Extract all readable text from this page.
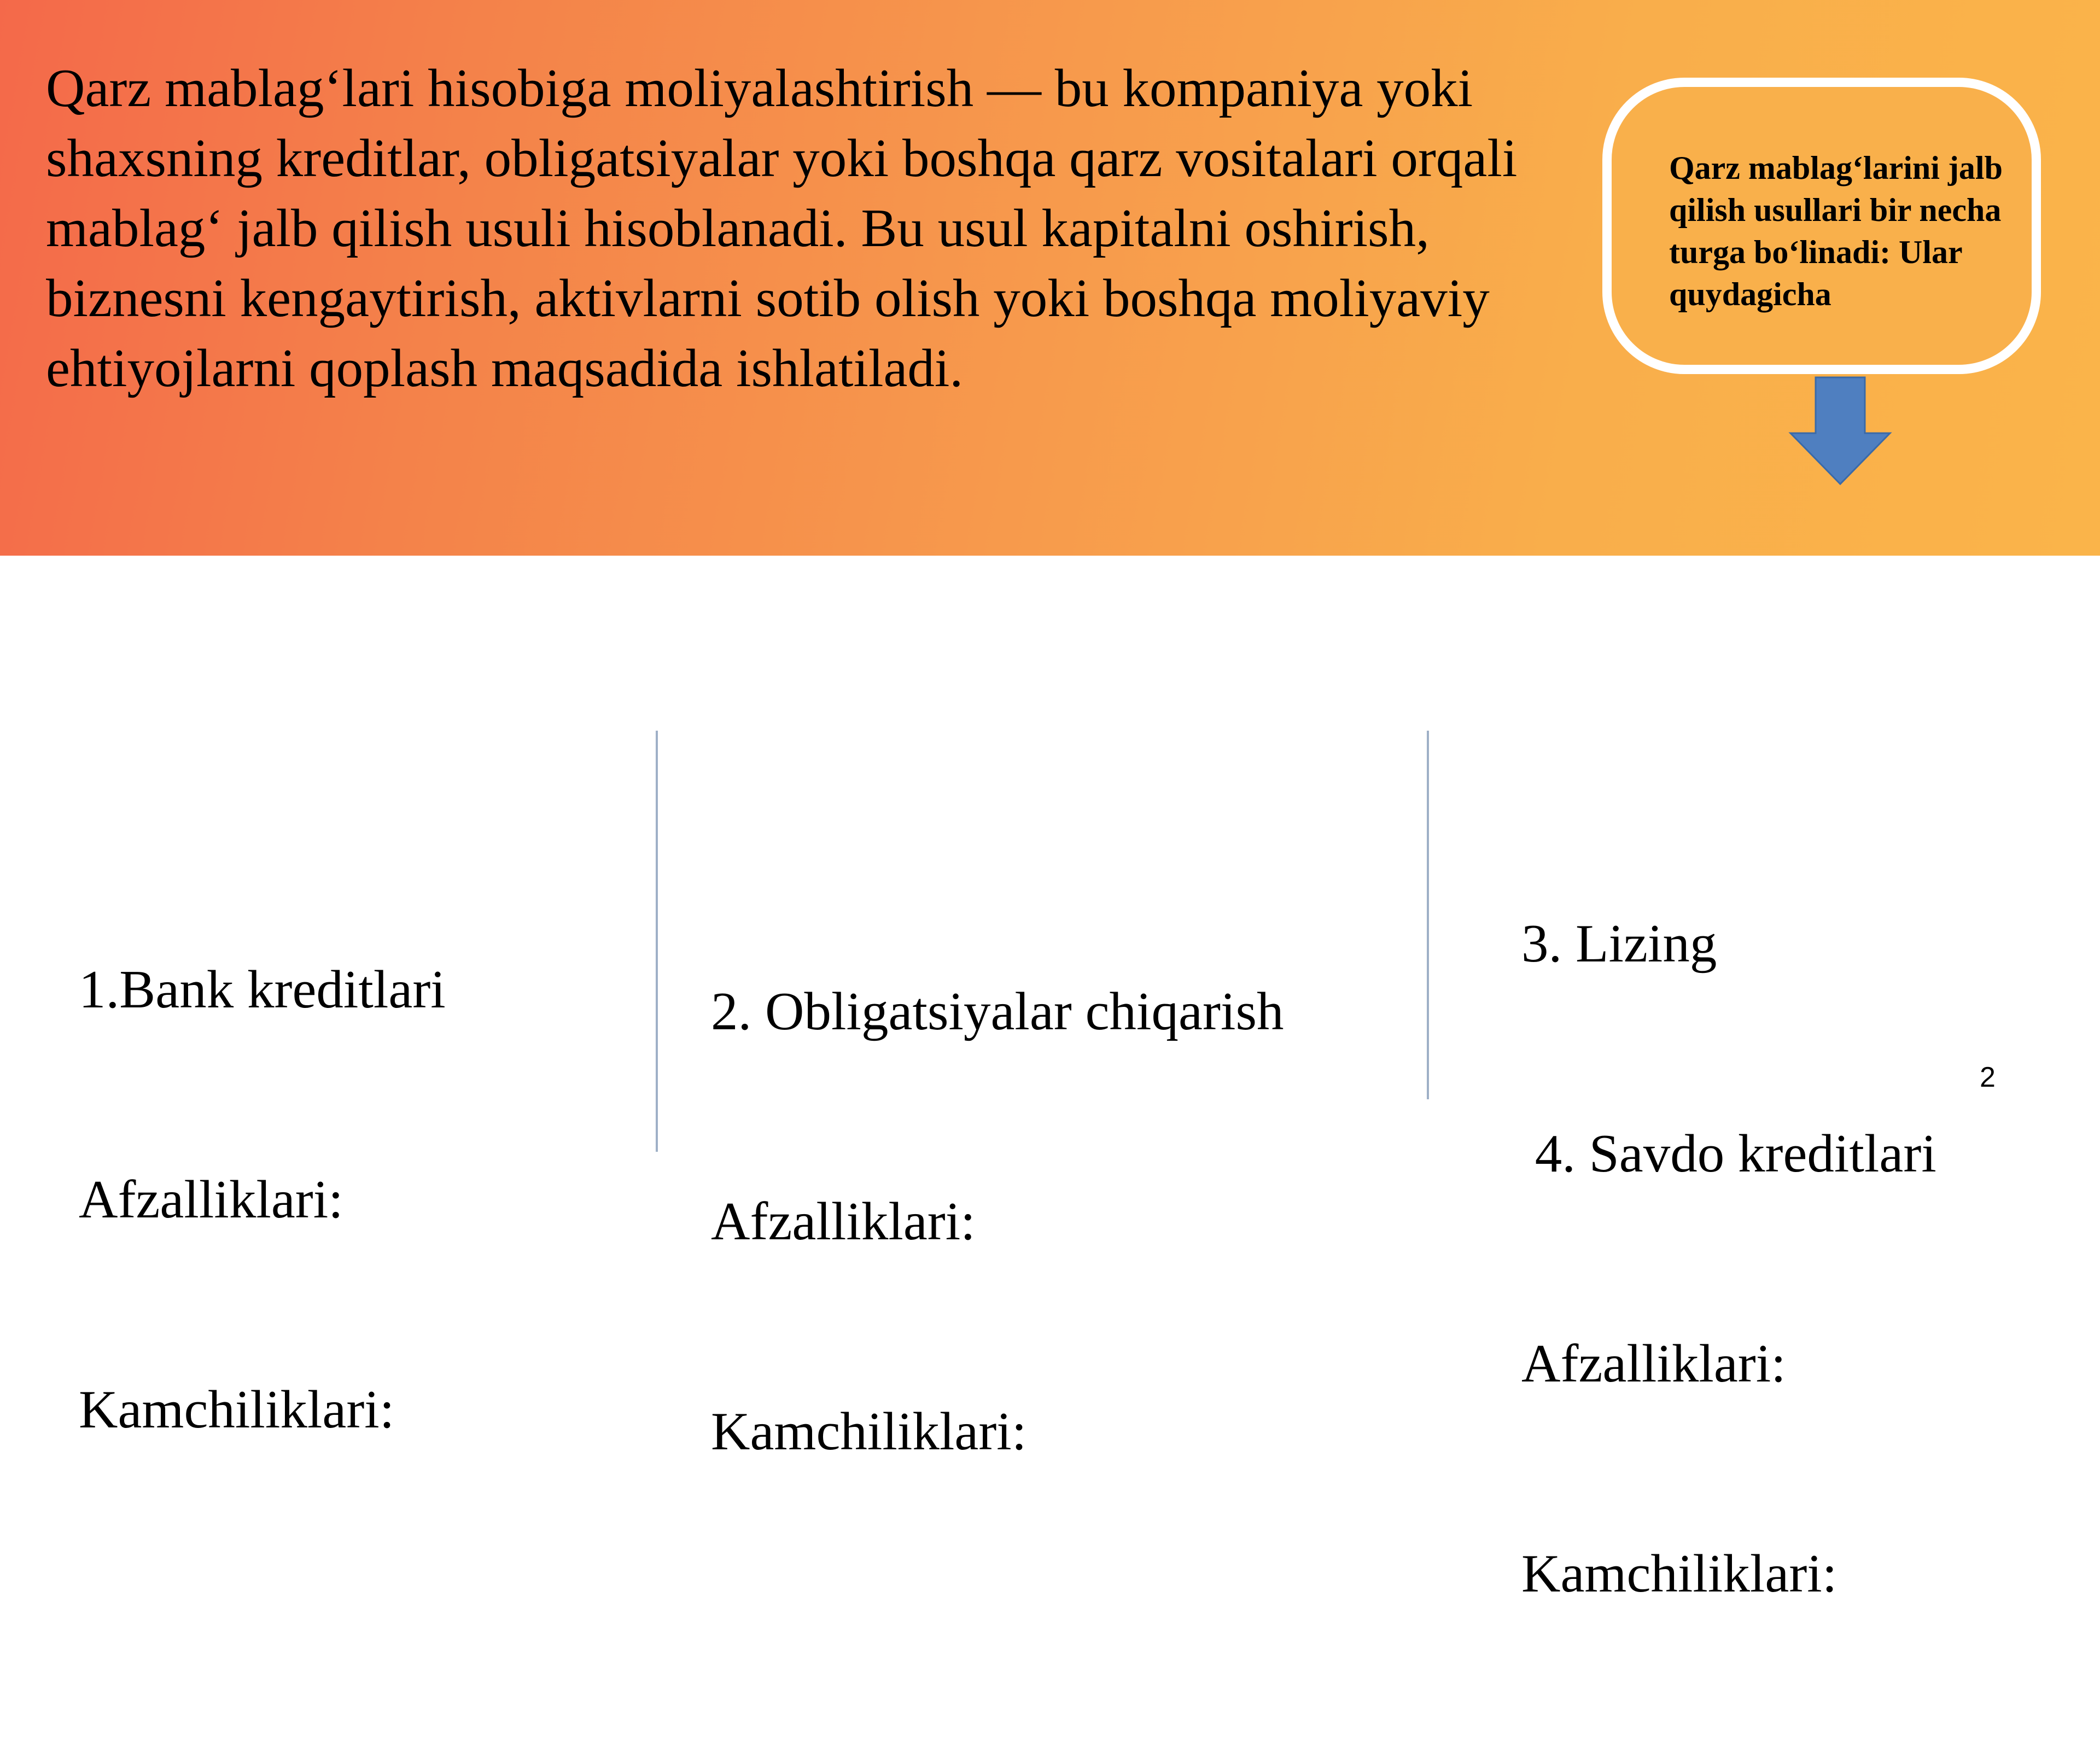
Qarz mablag‘lari hisobiga moliyalashtirish — bu kompaniya yoki shaxsning kreditlar, obligatsiyalar yoki boshqa qarz vositalari orqali mablag‘ jalb qilish usuli hisoblanadi. Bu usul kapitalni oshirish, biznesni kengaytirish, aktivlarni sotib olish yoki boshqa moliyaviy ehtiyojlarni qoplash maqsadida ishlatiladi.

Qarz mablag‘larini jalb qilish usullari bir necha turga bo‘linadi: Ular quydagicha

1.Bank kreditlari

Afzalliklari:

Kamchiliklari:

2. Obligatsiyalar chiqarish

Afzalliklari:

Kamchiliklari:

3. Lizing

4. Savdo kreditlari

Afzalliklari:

Kamchiliklari:

2
